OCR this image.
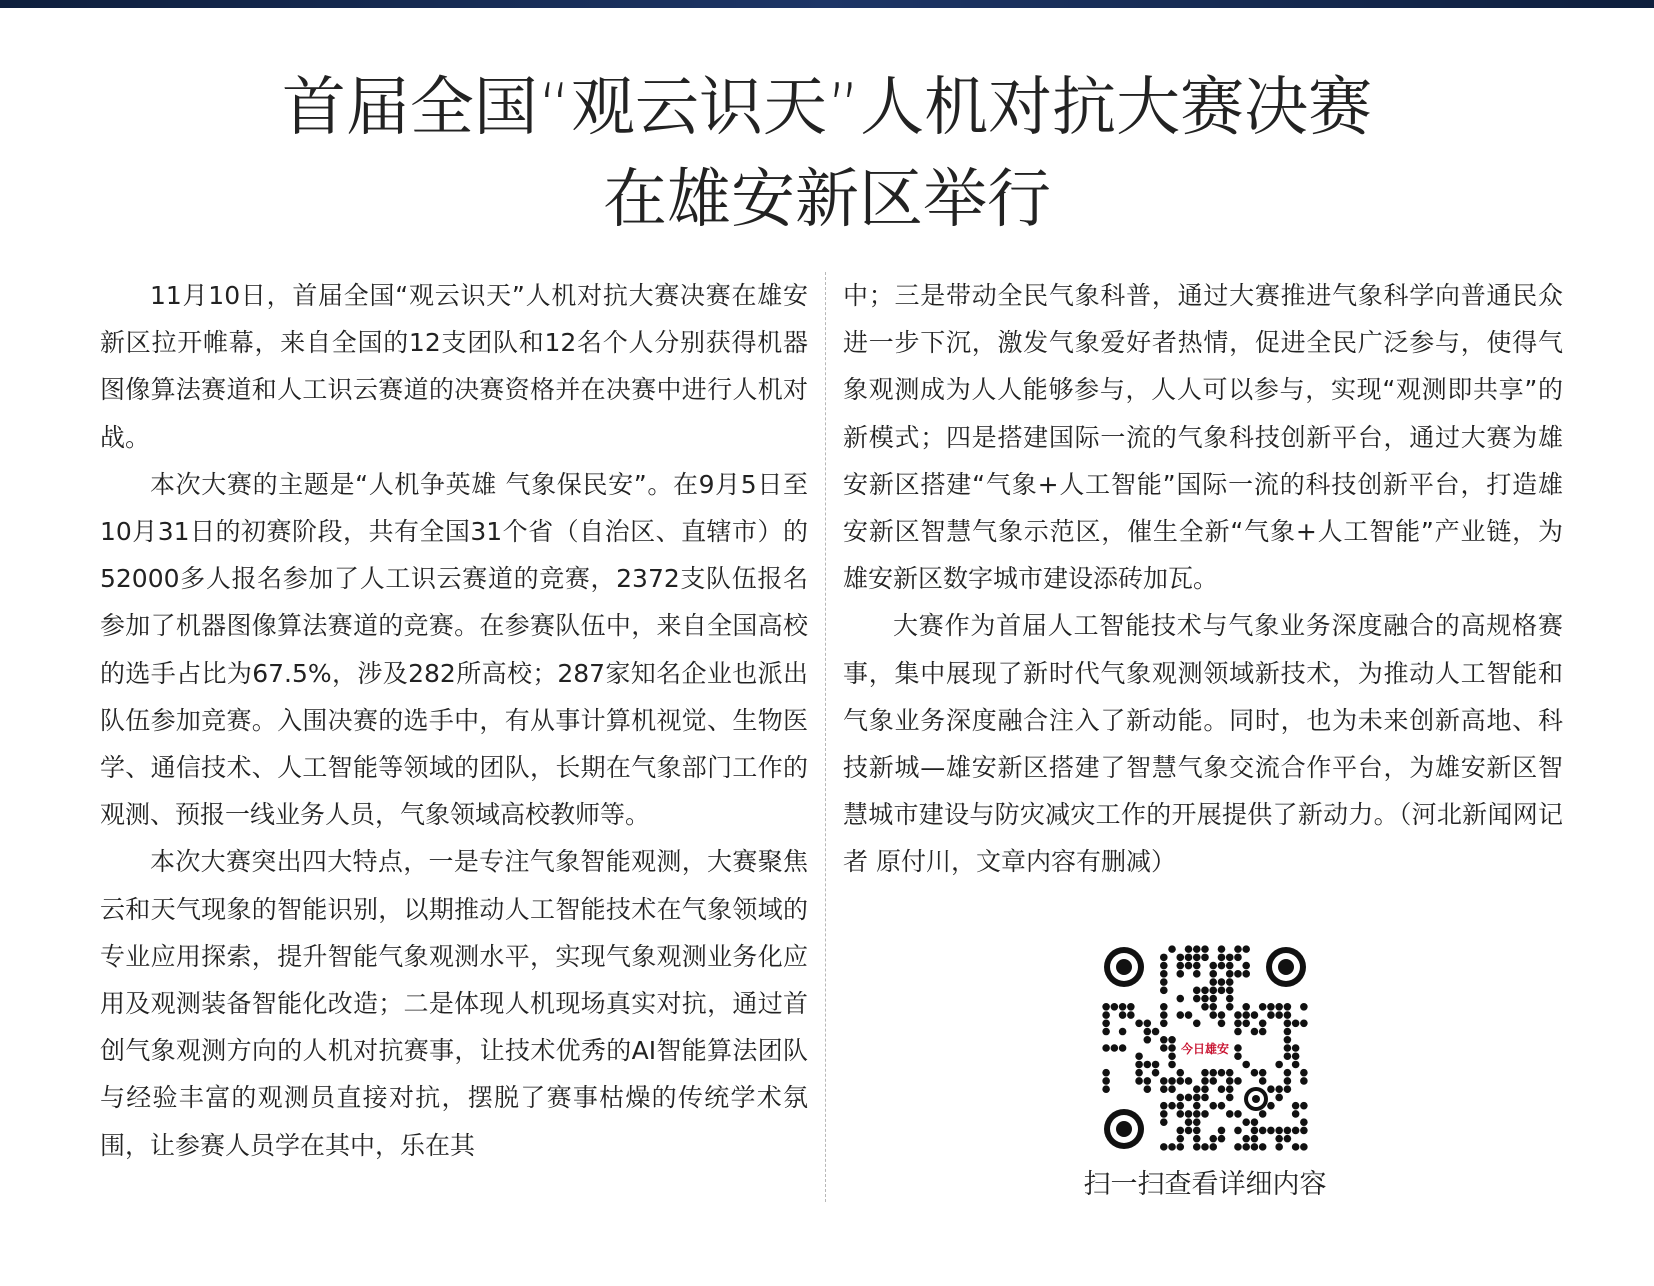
首届全国“观云识天”人机对抗大赛决赛
在雄安新区举行

11月10日，首届全国“观云识天”人机对抗大赛决赛在雄安新区拉开帷幕，来自全国的12支团队和12名个人分别获得机器图像算法赛道和人工识云赛道的决赛资格并在决赛中进行人机对战。

本次大赛的主题是“人机争英雄 气象保民安”。在9月5日至10月31日的初赛阶段，共有全国31个省（自治区、直辖市）的52000多人报名参加了人工识云赛道的竞赛，2372支队伍报名参加了机器图像算法赛道的竞赛。在参赛队伍中，来自全国高校的选手占比为67.5%，涉及282所高校；287家知名企业也派出队伍参加竞赛。入围决赛的选手中，有从事计算机视觉、生物医学、通信技术、人工智能等领域的团队，长期在气象部门工作的观测、预报一线业务人员，气象领域高校教师等。

本次大赛突出四大特点，一是专注气象智能观测，大赛聚焦云和天气现象的智能识别，以期推动人工智能技术在气象领域的专业应用探索，提升智能气象观测水平，实现气象观测业务化应用及观测装备智能化改造；二是体现人机现场真实对抗，通过首创气象观测方向的人机对抗赛事，让技术优秀的AI智能算法团队与经验丰富的观测员直接对抗，摆脱了赛事枯燥的传统学术氛围，让参赛人员学在其中，乐在其

中；三是带动全民气象科普，通过大赛推进气象科学向普通民众进一步下沉，激发气象爱好者热情，促进全民广泛参与，使得气象观测成为人人能够参与，人人可以参与，实现“观测即共享”的新模式；四是搭建国际一流的气象科技创新平台，通过大赛为雄安新区搭建“气象+人工智能”国际一流的科技创新平台，打造雄安新区智慧气象示范区，催生全新“气象+人工智能”产业链，为雄安新区数字城市建设添砖加瓦。

大赛作为首届人工智能技术与气象业务深度融合的高规格赛事，集中展现了新时代气象观测领域新技术，为推动人工智能和气象业务深度融合注入了新动能。同时，也为未来创新高地、科技新城—雄安新区搭建了智慧气象交流合作平台，为雄安新区智慧城市建设与防灾减灾工作的开展提供了新动力。（河北新闻网记者 原付川，文章内容有删减）

今日雄安
扫一扫查看详细内容
